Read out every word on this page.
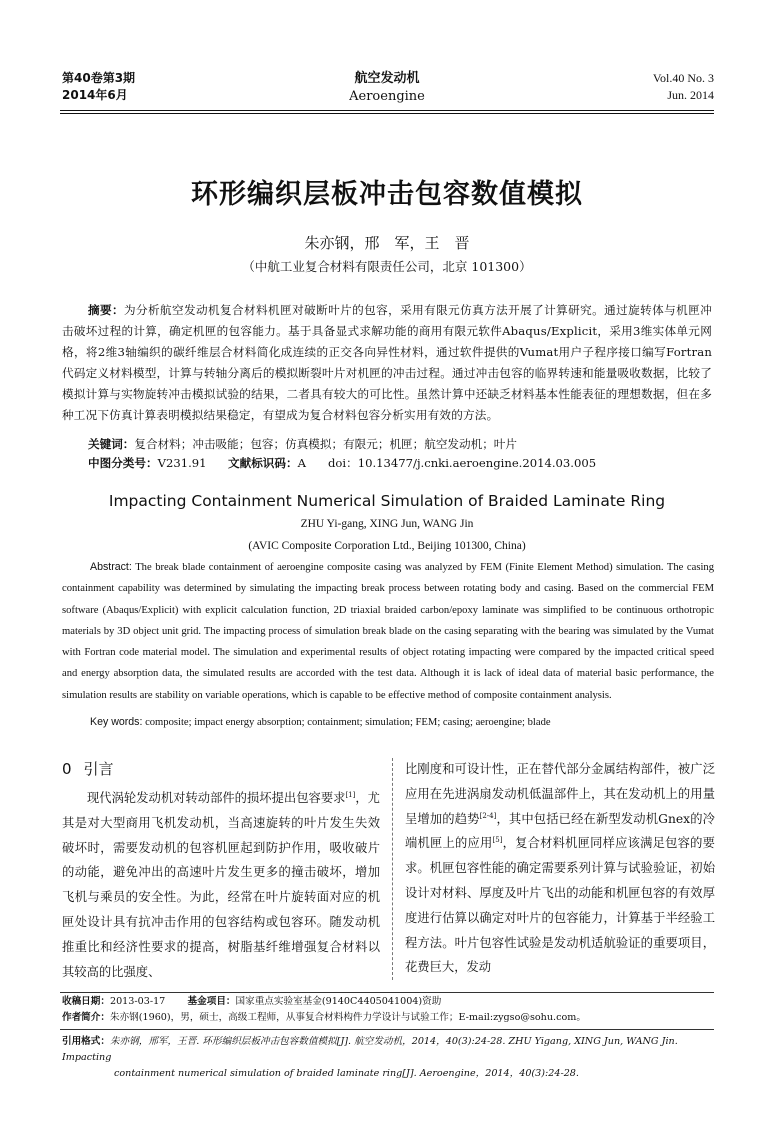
第40卷第3期
2014年6月
航空发动机
Aeroengine
Vol.40 No. 3
Jun. 2014
环形编织层板冲击包容数值模拟
朱亦钢，邢　军，王　晋
（中航工业复合材料有限责任公司，北京 101300）
摘要：为分析航空发动机复合材料机匣对破断叶片的包容，采用有限元仿真方法开展了计算研究。通过旋转体与机匣冲击破坏过程的计算，确定机匣的包容能力。基于具备显式求解功能的商用有限元软件Abaqus/Explicit，采用3维实体单元网格，将2维3轴编织的碳纤维层合材料简化成连续的正交各向异性材料，通过软件提供的Vumat用户子程序接口编写Fortran代码定义材料模型，计算与转轴分离后的模拟断裂叶片对机匣的冲击过程。通过冲击包容的临界转速和能量吸收数据，比较了模拟计算与实物旋转冲击模拟试验的结果，二者具有较大的可比性。虽然计算中还缺乏材料基本性能表征的理想数据，但在多种工况下仿真计算表明模拟结果稳定，有望成为复合材料包容分析实用有效的方法。
关键词：复合材料；冲击吸能；包容；仿真模拟；有限元；机匣；航空发动机；叶片
中图分类号：V231.91 文献标识码：A doi：10.13477/j.cnki.aeroengine.2014.03.005
Impacting Containment Numerical Simulation of Braided Laminate Ring
ZHU Yi-gang, XING Jun, WANG Jin
(AVIC Composite Corporation Ltd., Beijing 101300, China)
Abstract: The break blade containment of aeroengine composite casing was analyzed by FEM (Finite Element Method) simulation. The casing containment capability was determined by simulating the impacting break process between rotating body and casing. Based on the commercial FEM software (Abaqus/Explicit) with explicit calculation function, 2D triaxial braided carbon/epoxy laminate was simplified to be continuous orthotropic materials by 3D object unit grid. The impacting process of simulation break blade on the casing separating with the bearing was simulated by the Vumat with Fortran code material model. The simulation and experimental results of object rotating impacting were compared by the impacted critical speed and energy absorption data, the simulated results are accorded with the test data. Although it is lack of ideal data of material basic performance, the simulation results are stability on variable operations, which is capable to be effective method of composite containment analysis.
Key words: composite; impact energy absorption; containment; simulation; FEM; casing; aeroengine; blade
0 引言
现代涡轮发动机对转动部件的损坏提出包容要求[1]，尤其是对大型商用飞机发动机，当高速旋转的叶片发生失效破坏时，需要发动机的包容机匣起到防护作用，吸收破片的动能，避免冲出的高速叶片发生更多的撞击破坏，增加飞机与乘员的安全性。为此，经常在叶片旋转面对应的机匣处设计具有抗冲击作用的包容结构或包容环。随发动机推重比和经济性要求的提高，树脂基纤维增强复合材料以其较高的比强度、
比刚度和可设计性，正在替代部分金属结构部件，被广泛应用在先进涡扇发动机低温部件上，其在发动机上的用量呈增加的趋势[2-4]，其中包括已经在新型发动机Gnex的冷端机匣上的应用[5]，复合材料机匣同样应该满足包容的要求。机匣包容性能的确定需要系列计算与试验验证，初始设计对材料、厚度及叶片飞出的动能和机匣包容的有效厚度进行估算以确定对叶片的包容能力，计算基于半经验工程方法。叶片包容性试验是发动机适航验证的重要项目，花费巨大，发动
收稿日期：2013-03-17    基金项目：国家重点实验室基金(9140C4405041004)资助
作者简介：朱亦钢(1960)，男，硕士，高级工程师，从事复合材料构件力学设计与试验工作；E-mail:zygso@sohu.com。
引用格式：朱亦钢，邢军，王晋. 环形编织层板冲击包容数值模拟[J]. 航空发动机，2014，40(3):24-28. ZHU Yigang, XING Jun, WANG Jin. Impacting
containment numerical simulation of braided laminate ring[J]. Aeroengine，2014，40(3):24-28.
